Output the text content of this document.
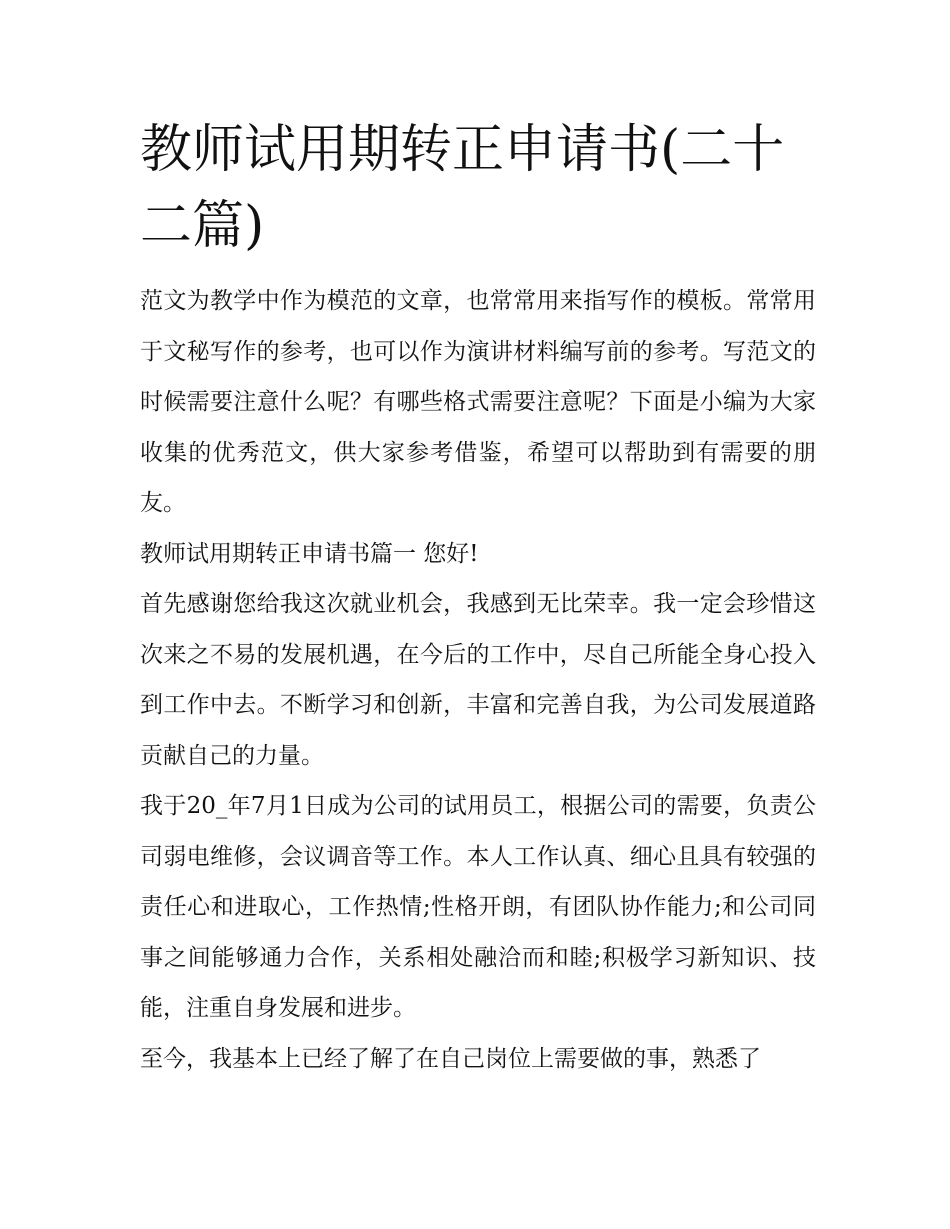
教师试用期转正申请书(二十二篇)

范文为教学中作为模范的文章，也常常用来指写作的模板。常常用于文秘写作的参考，也可以作为演讲材料编写前的参考。写范文的时候需要注意什么呢？有哪些格式需要注意呢？下面是小编为大家收集的优秀范文，供大家参考借鉴，希望可以帮助到有需要的朋友。

教师试用期转正申请书篇一 您好!

首先感谢您给我这次就业机会，我感到无比荣幸。我一定会珍惜这次来之不易的发展机遇，在今后的工作中，尽自己所能全身心投入到工作中去。不断学习和创新，丰富和完善自我，为公司发展道路贡献自己的力量。

我于20_年7月1日成为公司的试用员工，根据公司的需要，负责公司弱电维修，会议调音等工作。本人工作认真、细心且具有较强的责任心和进取心，工作热情;性格开朗，有团队协作能力;和公司同事之间能够通力合作，关系相处融洽而和睦;积极学习新知识、技能，注重自身发展和进步。

至今，我基本上已经了解了在自己岗位上需要做的事，熟悉了
